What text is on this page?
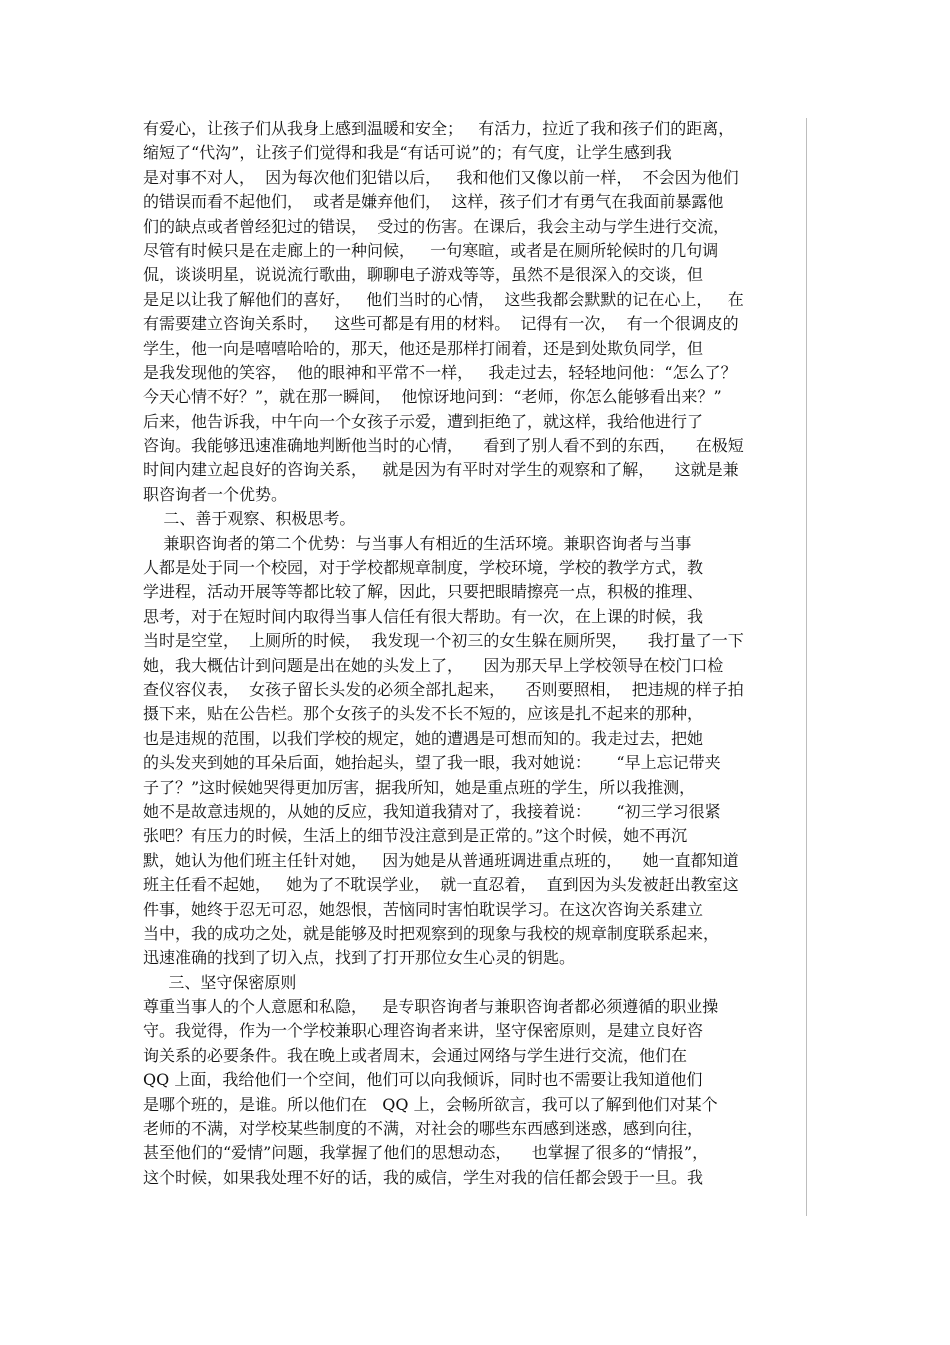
有爱心，让孩子们从我身上感到温暖和安全；   有活力，拉近了我和孩子们的距离，
缩短了“代沟”，让孩子们觉得和我是“有话可说”的；有气度，让学生感到我
是对事不对人，  因为每次他们犯错以后，   我和他们又像以前一样，  不会因为他们
的错误而看不起他们，  或者是嫌弃他们，  这样，孩子们才有勇气在我面前暴露他
们的缺点或者曾经犯过的错误，  受过的伤害。在课后，我会主动与学生进行交流，
尽管有时候只是在走廊上的一种问候，   一句寒暄，或者是在厕所轮候时的几句调
侃，谈谈明星，说说流行歌曲，聊聊电子游戏等等，虽然不是很深入的交谈，但
是足以让我了解他们的喜好，   他们当时的心情，  这些我都会默默的记在心上，   在
有需要建立咨询关系时，   这些可都是有用的材料。  记得有一次，  有一个很调皮的
学生，他一向是嘻嘻哈哈的，那天，他还是那样打闹着，还是到处欺负同学，但
是我发现他的笑容，  他的眼神和平常不一样，   我走过去，轻轻地问他：“怎么了？
今天心情不好？”，就在那一瞬间，  他惊讶地问到：“老师，你怎么能够看出来？”
后来，他告诉我，中午向一个女孩子示爱，遭到拒绝了，就这样，我给他进行了
咨询。我能够迅速准确地判断他当时的心情，    看到了别人看不到的东西，    在极短
时间内建立起良好的咨询关系，   就是因为有平时对学生的观察和了解，    这就是兼
职咨询者一个优势。
二、善于观察、积极思考。
兼职咨询者的第二个优势：与当事人有相近的生活环境。兼职咨询者与当事
人都是处于同一个校园，对于学校都规章制度，学校环境，学校的教学方式，教
学进程，活动开展等等都比较了解，因此，只要把眼睛擦亮一点，积极的推理、
思考，对于在短时间内取得当事人信任有很大帮助。有一次，在上课的时候，我
当时是空堂，  上厕所的时候，  我发现一个初三的女生躲在厕所哭，    我打量了一下
她，我大概估计到问题是出在她的头发上了，    因为那天早上学校领导在校门口检
查仪容仪表，  女孩子留长头发的必须全部扎起来，    否则要照相，  把违规的样子拍
摄下来，贴在公告栏。那个女孩子的头发不长不短的，应该是扎不起来的那种，
也是违规的范围，以我们学校的规定，她的遭遇是可想而知的。我走过去，把她
的头发夹到她的耳朵后面，她抬起头，望了我一眼，我对她说：     “早上忘记带夹
子了？”这时候她哭得更加厉害，据我所知，她是重点班的学生，所以我推测，
她不是故意违规的，从她的反应，我知道我猜对了，我接着说：     “初三学习很紧
张吧？有压力的时候，生活上的细节没注意到是正常的。”这个时候，她不再沉
默，她认为他们班主任针对她，   因为她是从普通班调进重点班的，    她一直都知道
班主任看不起她，   她为了不耽误学业，  就一直忍着，  直到因为头发被赶出教室这
件事，她终于忍无可忍，她怨恨，苦恼同时害怕耽误学习。在这次咨询关系建立
当中，我的成功之处，就是能够及时把观察到的现象与我校的规章制度联系起来，
迅速准确的找到了切入点，找到了打开那位女生心灵的钥匙。
三、坚守保密原则
尊重当事人的个人意愿和私隐，   是专职咨询者与兼职咨询者都必须遵循的职业操
守。我觉得，作为一个学校兼职心理咨询者来讲，坚守保密原则，是建立良好咨
询关系的必要条件。我在晚上或者周末，会通过网络与学生进行交流，他们在
QQ 上面，我给他们一个空间，他们可以向我倾诉，同时也不需要让我知道他们
是哪个班的，是谁。所以他们在   QQ 上，会畅所欲言，我可以了解到他们对某个
老师的不满，对学校某些制度的不满，对社会的哪些东西感到迷惑，感到向往，
甚至他们的“爱情”问题，我掌握了他们的思想动态，    也掌握了很多的“情报”，
这个时候，如果我处理不好的话，我的威信，学生对我的信任都会毁于一旦。我
